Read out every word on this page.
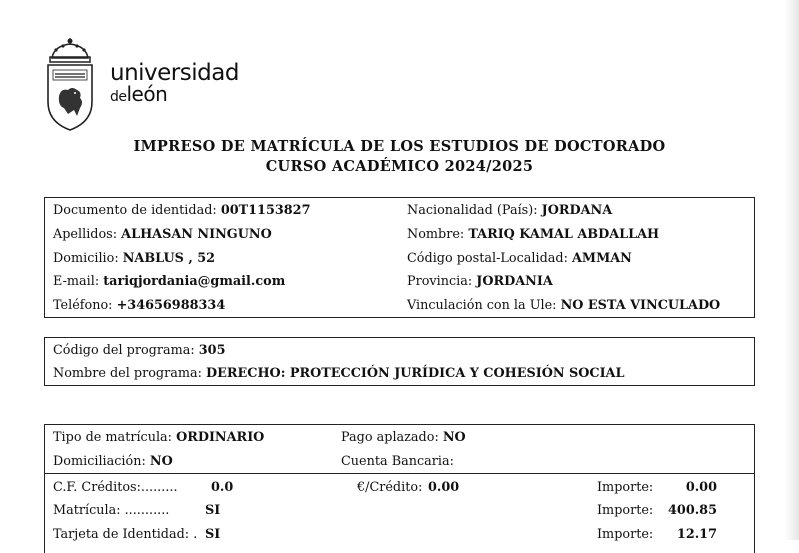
universidad
deleón
IMPRESO DE MATRÍCULA DE LOS ESTUDIOS DE DOCTORADO
CURSO ACADÉMICO 2024/2025
Documento de identidad: 00T1153827	Nacionalidad (País): JORDANA
Apellidos: ALHASAN NINGUNO	Nombre: TARIQ KAMAL ABDALLAH
Domicilio: NABLUS , 52	Código postal-Localidad: AMMAN
E-mail: tariqjordania@gmail.com	Provincia: JORDANIA
Teléfono: +34656988334	Vinculación con la Ule: NO ESTA VINCULADO
Código del programa: 305
Nombre del programa: DERECHO: PROTECCIÓN JURÍDICA Y COHESIÓN SOCIAL
Tipo de matrícula: ORDINARIO	Pago aplazado: NO
Domiciliación: NO	Cuenta Bancaria:
C.F. Créditos:.........	0.0	€/Crédito: 0.00	Importe:	0.00
Matrícula: ...........	SI	Importe:	400.85
Tarjeta de Identidad: . SI	Importe:	12.17
